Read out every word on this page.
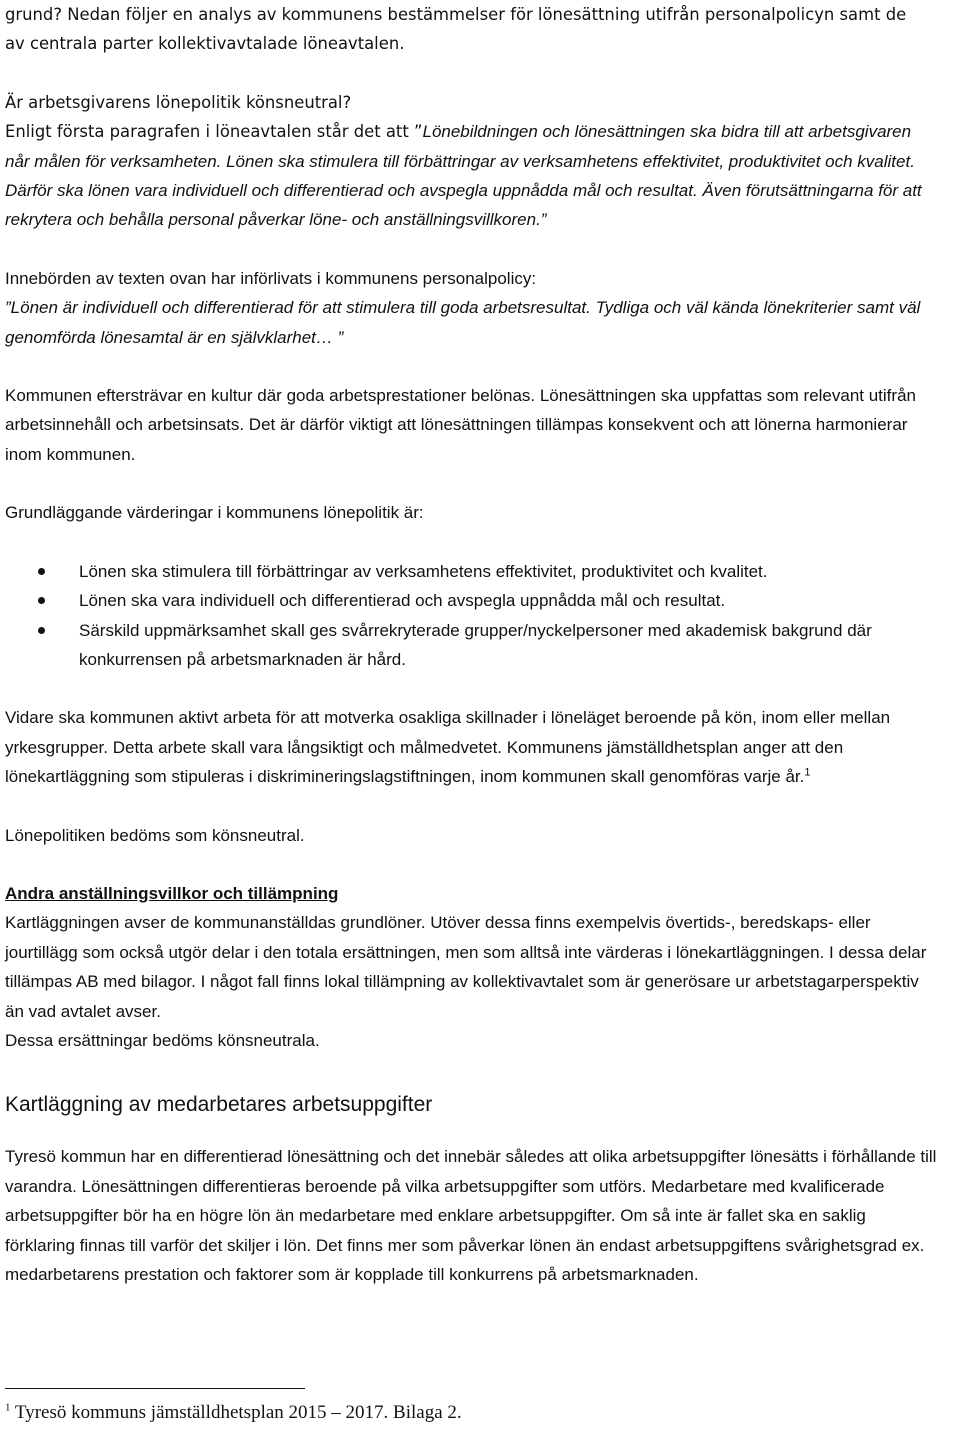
grund? Nedan följer en analys av kommunens bestämmelser för lönesättning utifrån personalpolicyn samt de

av centrala parter kollektivavtalade löneavtalen.

Är arbetsgivarens lönepolitik könsneutral?

Enligt första paragrafen i löneavtalen står det att ”Lönebildningen och lönesättningen ska bidra till att arbetsgivaren når målen för verksamheten. Lönen ska stimulera till förbättringar av verksamhetens effektivitet, produktivitet och kvalitet. Därför ska lönen vara individuell och differentierad och avspegla uppnådda mål och resultat. Även förutsättningarna för att rekrytera och behålla personal påverkar löne- och anställningsvillkoren.”

Innebörden av texten ovan har införlivats i kommunens personalpolicy:

”Lönen är individuell och differentierad för att stimulera till goda arbetsresultat. Tydliga och väl kända lönekriterier samt väl genomförda lönesamtal är en självklarhet… ”

Kommunen eftersträvar en kultur där goda arbetsprestationer belönas. Lönesättningen ska uppfattas som relevant utifrån arbetsinnehåll och arbetsinsats. Det är därför viktigt att lönesättningen tillämpas konsekvent och att lönerna harmonierar inom kommunen.

Grundläggande värderingar i kommunens lönepolitik är:

Lönen ska stimulera till förbättringar av verksamhetens effektivitet, produktivitet och kvalitet.
Lönen ska vara individuell och differentierad och avspegla uppnådda mål och resultat.
Särskild uppmärksamhet skall ges svårrekryterade grupper/nyckelpersoner med akademisk bakgrund där konkurrensen på arbetsmarknaden är hård.

Vidare ska kommunen aktivt arbeta för att motverka osakliga skillnader i löneläget beroende på kön, inom eller mellan yrkesgrupper. Detta arbete skall vara långsiktigt och målmedvetet. Kommunens jämställdhetsplan anger att den lönekartläggning som stipuleras i diskrimineringslagstiftningen, inom kommunen skall genomföras varje år.$^1$

Lönepolitiken bedöms som könsneutral.

Andra anställningsvillkor och tillämpning

Kartläggningen avser de kommunanställdas grundlöner. Utöver dessa finns exempelvis övertids-, beredskaps- eller jourtillägg som också utgör delar i den totala ersättningen, men som alltså inte värderas i lönekartläggningen. I dessa delar tillämpas AB med bilagor. I något fall finns lokal tillämpning av kollektivavtalet som är generösare ur arbetstagarperspektiv än vad avtalet avser.

Dessa ersättningar bedöms könsneutrala.

Kartläggning av medarbetares arbetsuppgifter

Tyresö kommun har en differentierad lönesättning och det innebär således att olika arbetsuppgifter lönesätts i förhållande till varandra. Lönesättningen differentieras beroende på vilka arbetsuppgifter som utförs. Medarbetare med kvalificerade arbetsuppgifter bör ha en högre lön än medarbetare med enklare arbetsuppgifter. Om så inte är fallet ska en saklig förklaring finnas till varför det skiljer i lön. Det finns mer som påverkar lönen än endast arbetsuppgiftens svårighetsgrad ex. medarbetarens prestation och faktorer som är kopplade till konkurrens på arbetsmarknaden.

$^1$ Tyresö kommuns jämställdhetsplan 2015 – 2017. Bilaga 2.
